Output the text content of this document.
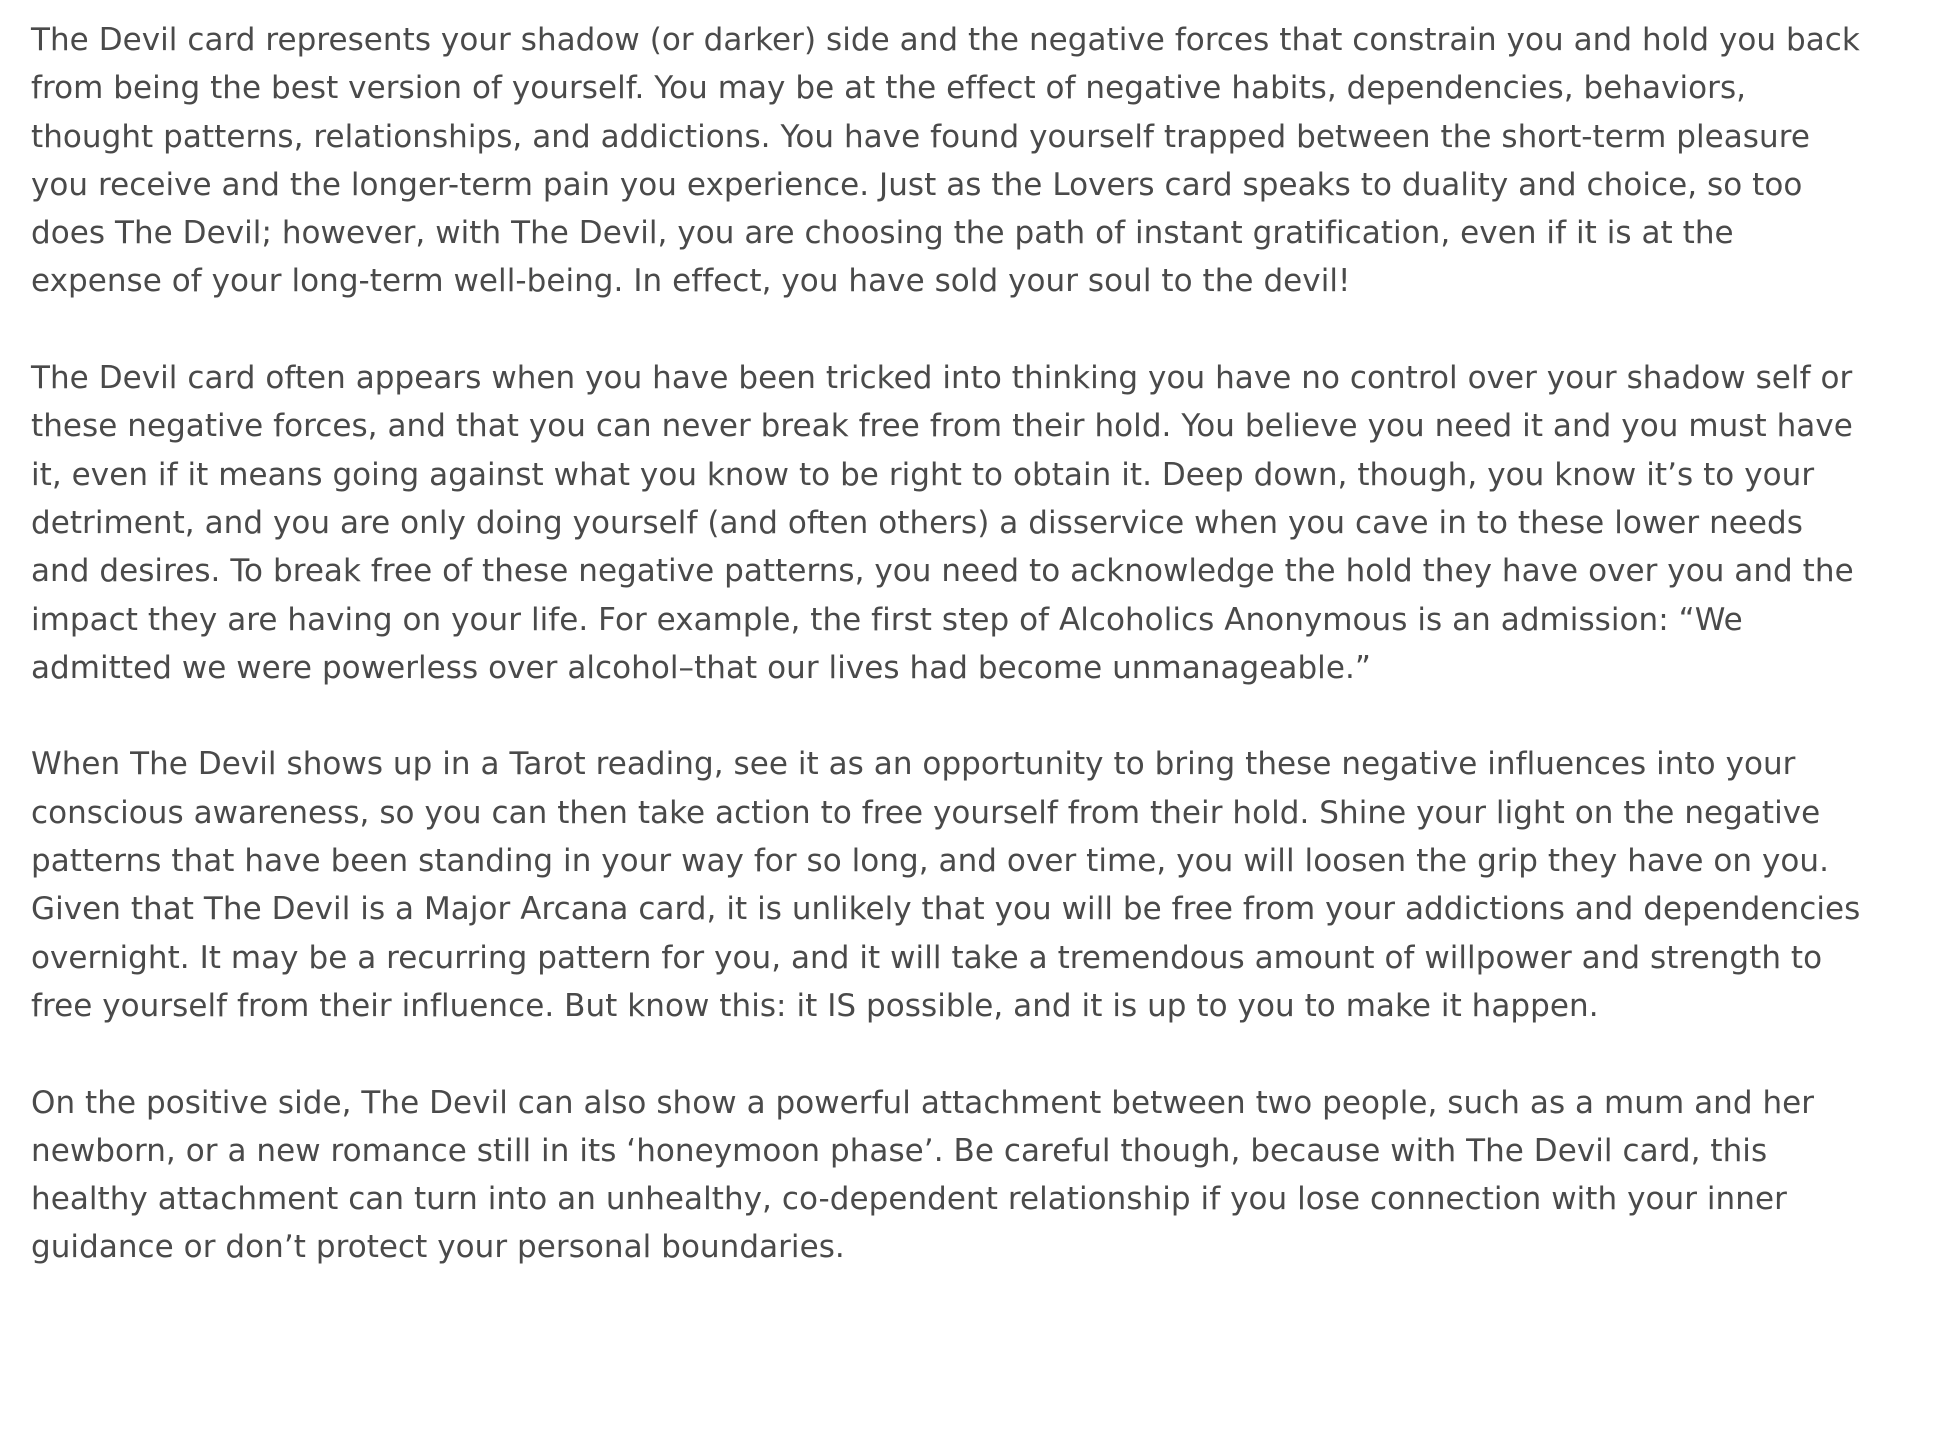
The Devil card represents your shadow (or darker) side and the negative forces that constrain you and hold you back from being the best version of yourself. You may be at the effect of negative habits, dependencies, behaviors, thought patterns, relationships, and addictions. You have found yourself trapped between the short-term pleasure you receive and the longer-term pain you experience. Just as the Lovers card speaks to duality and choice, so too does The Devil; however, with The Devil, you are choosing the path of instant gratification, even if it is at the expense of your long-term well-being. In effect, you have sold your soul to the devil!

The Devil card often appears when you have been tricked into thinking you have no control over your shadow self or these negative forces, and that you can never break free from their hold. You believe you need it and you must have it, even if it means going against what you know to be right to obtain it. Deep down, though, you know it’s to your detriment, and you are only doing yourself (and often others) a disservice when you cave in to these lower needs and desires. To break free of these negative patterns, you need to acknowledge the hold they have over you and the impact they are having on your life. For example, the first step of Alcoholics Anonymous is an admission: “We admitted we were powerless over alcohol–that our lives had become unmanageable.”

When The Devil shows up in a Tarot reading, see it as an opportunity to bring these negative influences into your conscious awareness, so you can then take action to free yourself from their hold. Shine your light on the negative patterns that have been standing in your way for so long, and over time, you will loosen the grip they have on you. Given that The Devil is a Major Arcana card, it is unlikely that you will be free from your addictions and dependencies overnight. It may be a recurring pattern for you, and it will take a tremendous amount of willpower and strength to free yourself from their influence. But know this: it IS possible, and it is up to you to make it happen.

On the positive side, The Devil can also show a powerful attachment between two people, such as a mum and her newborn, or a new romance still in its ‘honeymoon phase’. Be careful though, because with The Devil card, this healthy attachment can turn into an unhealthy, co-dependent relationship if you lose connection with your inner guidance or don’t protect your personal boundaries.
